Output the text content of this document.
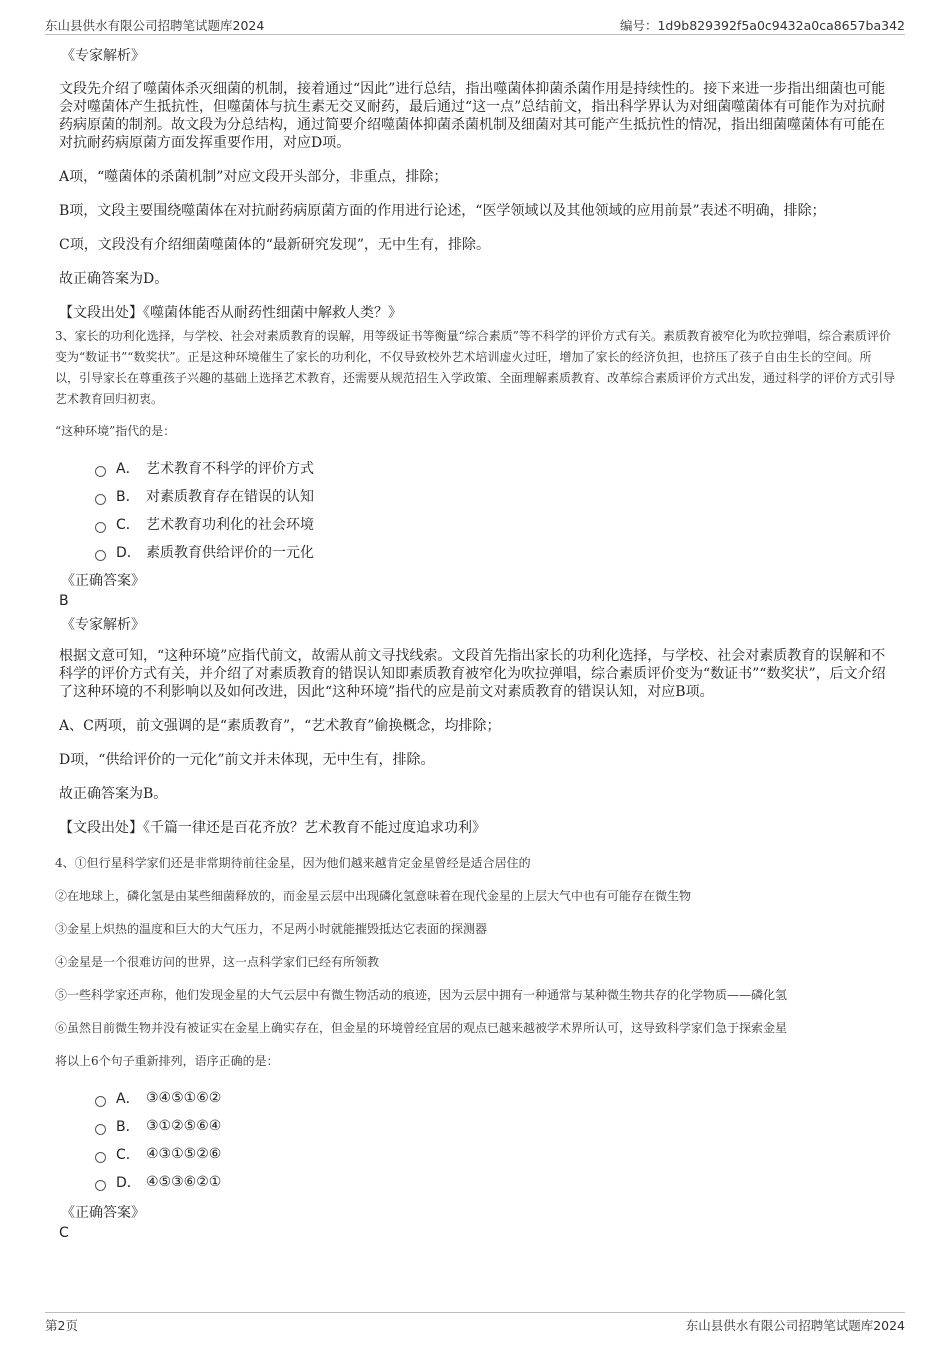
东山县供水有限公司招聘笔试题库2024	编号：1d9b829392f5a0c9432a0ca8657ba342

《专家解析》

文段先介绍了噬菌体杀灭细菌的机制，接着通过“因此”进行总结，指出噬菌体抑菌杀菌作用是持续性的。接下来进一步指出细菌也可能会对噬菌体产生抵抗性，但噬菌体与抗生素无交叉耐药，最后通过“这一点”总结前文，指出科学界认为对细菌噬菌体有可能作为对抗耐药病原菌的制剂。故文段为分总结构，通过简要介绍噬菌体抑菌杀菌机制及细菌对其可能产生抵抗性的情况，指出细菌噬菌体有可能在对抗耐药病原菌方面发挥重要作用，对应D项。

A项，“噬菌体的杀菌机制”对应文段开头部分，非重点，排除；

B项，文段主要围绕噬菌体在对抗耐药病原菌方面的作用进行论述，“医学领域以及其他领域的应用前景”表述不明确，排除；

C项，文段没有介绍细菌噬菌体的“最新研究发现”，无中生有，排除。

故正确答案为D。

【文段出处】《噬菌体能否从耐药性细菌中解救人类？》

3、家长的功利化选择，与学校、社会对素质教育的误解，用等级证书等衡量“综合素质”等不科学的评价方式有关。素质教育被窄化为吹拉弹唱，综合素质评价变为“数证书”“数奖状”。正是这种环境催生了家长的功利化，不仅导致校外艺术培训虚火过旺，增加了家长的经济负担，也挤压了孩子自由生长的空间。所以，引导家长在尊重孩子兴趣的基础上选择艺术教育，还需要从规范招生入学政策、全面理解素质教育、改革综合素质评价方式出发，通过科学的评价方式引导艺术教育回归初衷。

“这种环境”指代的是：

A． 艺术教育不科学的评价方式
B． 对素质教育存在错误的认知
C． 艺术教育功利化的社会环境
D． 素质教育供给评价的一元化

《正确答案》

B

《专家解析》

根据文意可知，“这种环境”应指代前文，故需从前文寻找线索。文段首先指出家长的功利化选择，与学校、社会对素质教育的误解和不科学的评价方式有关，并介绍了对素质教育的错误认知即素质教育被窄化为吹拉弹唱，综合素质评价变为“数证书”“数奖状”，后文介绍了这种环境的不利影响以及如何改进，因此“这种环境”指代的应是前文对素质教育的错误认知，对应B项。

A、C两项，前文强调的是“素质教育”，“艺术教育”偷换概念，均排除；

D项，“供给评价的一元化”前文并未体现，无中生有，排除。

故正确答案为B。

【文段出处】《千篇一律还是百花齐放？艺术教育不能过度追求功利》

4、①但行星科学家们还是非常期待前往金星，因为他们越来越肯定金星曾经是适合居住的

②在地球上，磷化氢是由某些细菌释放的，而金星云层中出现磷化氢意味着在现代金星的上层大气中也有可能存在微生物

③金星上炽热的温度和巨大的大气压力，不足两小时就能摧毁抵达它表面的探测器

④金星是一个很难访问的世界，这一点科学家们已经有所领教

⑤一些科学家还声称，他们发现金星的大气云层中有微生物活动的痕迹，因为云层中拥有一种通常与某种微生物共存的化学物质——磷化氢

⑥虽然目前微生物并没有被证实在金星上确实存在，但金星的环境曾经宜居的观点已越来越被学术界所认可，这导致科学家们急于探索金星

将以上6个句子重新排列，语序正确的是：

A． ③④⑤①⑥②
B． ③①②⑤⑥④
C． ④③①⑤②⑥
D． ④⑤③⑥②①

《正确答案》

C

第2页	东山县供水有限公司招聘笔试题库2024
